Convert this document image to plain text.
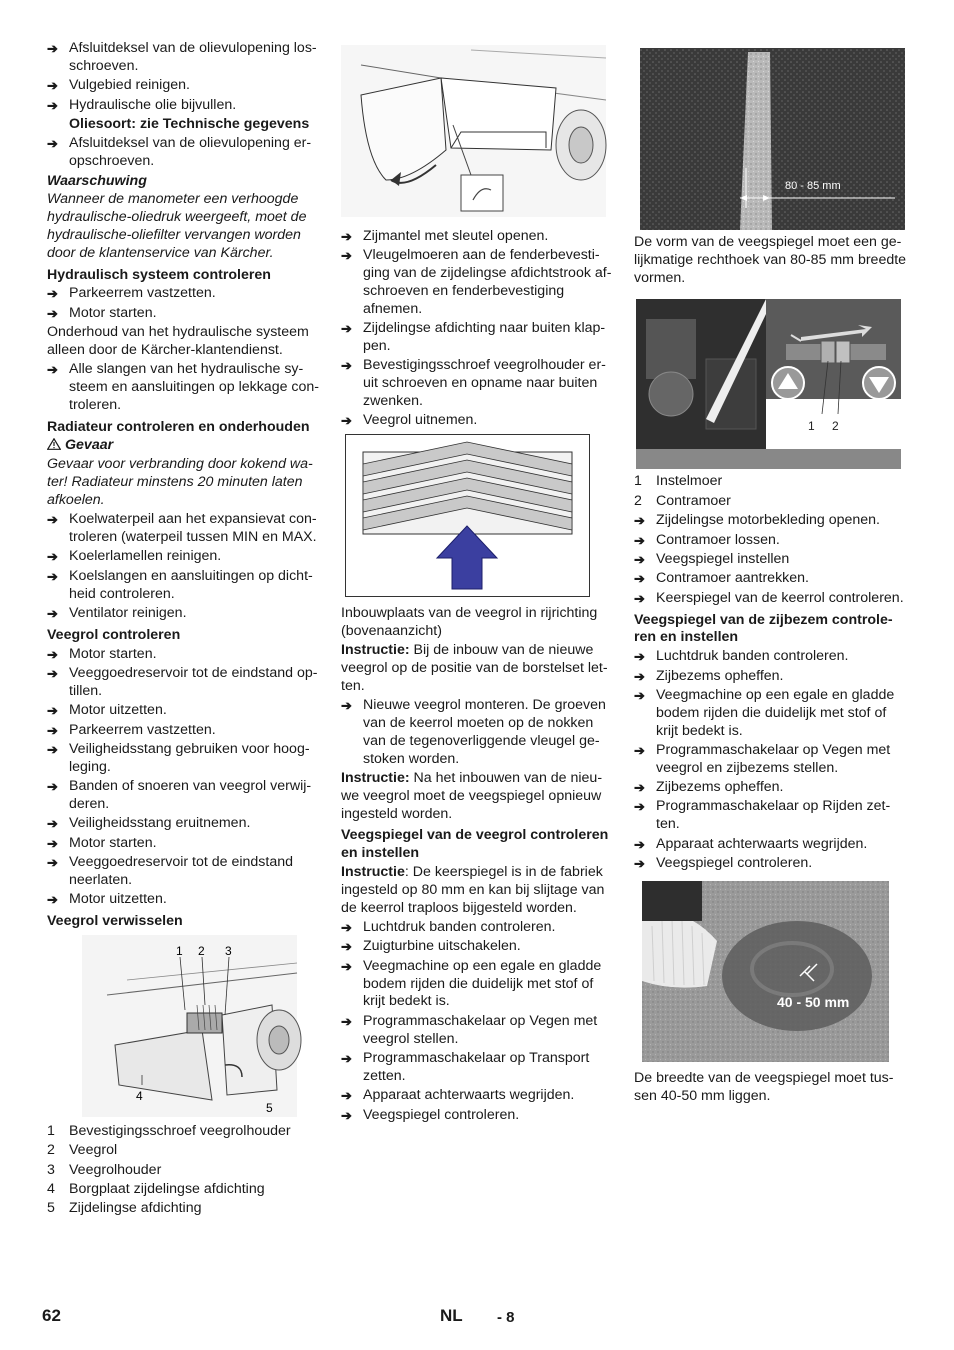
➔
Afsluitdeksel van de olievulopening los-schroeven.
➔
Vulgebied reinigen.
➔
Hydraulische olie bijvullen.
Oliesoort: zie Technische gegevens
➔
Afsluitdeksel van de olievulopening er-opschroeven.
Waarschuwing
Wanneer de manometer een verhoogde hydraulische-oliedruk weergeeft, moet de hydraulische-oliefilter vervangen worden door de klantenservice van Kärcher.
Hydraulisch systeem controleren
➔
Parkeerrem vastzetten.
➔
Motor starten.
Onderhoud van het hydraulische systeem alleen door de Kärcher-klantendienst.
➔
Alle slangen van het hydraulische sy-steem en aansluitingen op lekkage con-troleren.
Radiateur controleren en onderhouden
Gevaar
Gevaar voor verbranding door kokend wa-ter! Radiateur minstens 20 minuten laten afkoelen.
➔
Koelwaterpeil aan het expansievat con-troleren (waterpeil tussen MIN en MAX.
➔
Koelerlamellen reinigen.
➔
Koelslangen en aansluitingen op dicht-heid controleren.
➔
Ventilator reinigen.
Veegrol controleren
➔
Motor starten.
➔
Veeggoedreservoir tot de eindstand op-tillen.
➔
Motor uitzetten.
➔
Parkeerrem vastzetten.
➔
Veiligheidsstang gebruiken voor hoog-leging.
➔
Banden of snoeren van veegrol verwij-deren.
➔
Veiligheidsstang eruitnemen.
➔
Motor starten.
➔
Veeggoedreservoir tot de eindstand neerlaten.
➔
Motor uitzetten.
Veegrol verwisselen
1 2 3
4
5
1 Bevestigingsschroef veegrolhouder
2 Veegrol
3 Veegrolhouder
4 Borgplaat zijdelingse afdichting
5 Zijdelingse afdichting
➔
Zijmantel met sleutel openen.
➔
Vleugelmoeren aan de fenderbevesti-ging van de zijdelingse afdichtstrook af-schroeven en fenderbevestiging afnemen.
➔
Zijdelingse afdichting naar buiten klap-pen.
➔
Bevestigingsschroef veegrolhouder er-uit schroeven en opname naar buiten zwenken.
➔
Veegrol uitnemen.
Inbouwplaats van de veegrol in rijrichting (bovenaanzicht)
Instructie: Bij de inbouw van de nieuwe veegrol op de positie van de borstelset let-ten.
➔
Nieuwe veegrol monteren. De groeven van de keerrol moeten op de nokken van de tegenoverliggende vleugel ge-stoken worden.
Instructie: Na het inbouwen van de nieu-we veegrol moet de veegspiegel opnieuw ingesteld worden.
Veegspiegel van de veegrol controleren en instellen
Instructie: De keerspiegel is in de fabriek ingesteld op 80 mm en kan bij slijtage van de keerrol traploos bijgesteld worden.
➔
Luchtdruk banden controleren.
➔
Zuigturbine uitschakelen.
➔
Veegmachine op een egale en gladde bodem rijden die duidelijk met stof of krijt bedekt is.
➔
Programmaschakelaar op Vegen met veegrol stellen.
➔
Programmaschakelaar op Transport zetten.
➔
Apparaat achterwaarts wegrijden.
➔
Veegspiegel controleren.
80 - 85 mm
De vorm van de veegspiegel moet een ge-lijkmatige rechthoek van 80-85 mm breedte vormen.
1 2
1 Instelmoer
2 Contramoer
➔
Zijdelingse motorbekleding openen.
➔
Contramoer lossen.
➔
Veegspiegel instellen
➔
Contramoer aantrekken.
➔
Keerspiegel van de keerrol controleren.
Veegspiegel van de zijbezem controle-ren en instellen
➔
Luchtdruk banden controleren.
➔
Zijbezems opheffen.
➔
Veegmachine op een egale en gladde bodem rijden die duidelijk met stof of krijt bedekt is.
➔
Programmaschakelaar op Vegen met veegrol en zijbezems stellen.
➔
Zijbezems opheffen.
➔
Programmaschakelaar op Rijden zet-ten.
➔
Apparaat achterwaarts wegrijden.
➔
Veegspiegel controleren.
40 - 50 mm
De breedte van de veegspiegel moet tus-sen 40-50 mm liggen.
62	NL - 8
